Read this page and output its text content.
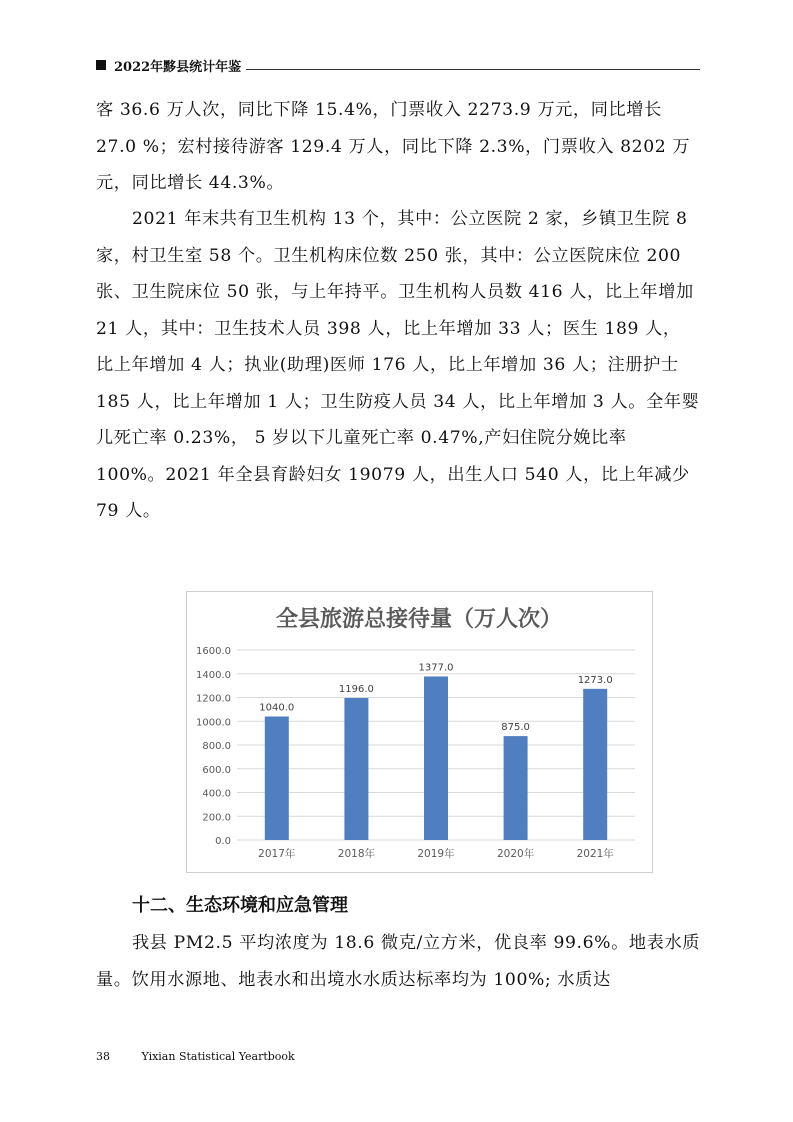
2022年黟县统计年鉴

客 36.6 万人次，同比下降 15.4%，门票收入 2273.9 万元，同比增长 27.0 %；宏村接待游客 129.4 万人，同比下降 2.3%，门票收入 8202 万元，同比增长 44.3%。

2021 年末共有卫生机构 13 个，其中：公立医院 2 家，乡镇卫生院 8 家，村卫生室 58 个。卫生机构床位数 250 张，其中：公立医院床位 200 张、卫生院床位 50 张，与上年持平。卫生机构人员数 416 人，比上年增加 21 人，其中：卫生技术人员 398 人，比上年增加 33 人；医生 189 人， 比上年增加 4 人；执业(助理)医师 176 人，比上年增加 36 人；注册护士 185 人，比上年增加 1 人；卫生防疫人员 34 人，比上年增加 3 人。全年婴儿死亡率 0.23%， 5 岁以下儿童死亡率 0.47%,产妇住院分娩比率 100%。2021 年全县育龄妇女 19079 人，出生人口 540 人，比上年减少 79 人。

全县旅游总接待量（万人次）
0.0
200.0
400.0
600.0
800.0
1000.0
1200.0
1400.0
1600.0
1040.0
2017年
1196.0
2018年
1377.0
2019年
875.0
2020年
1273.0
2021年
十二、生态环境和应急管理

我县 PM2.5 平均浓度为 18.6 微克/立方米，优良率 99.6%。地表水质量。饮用水源地、地表水和出境水水质达标率均为 100%; 水质达

38	Yixian Statistical Yeartbook
